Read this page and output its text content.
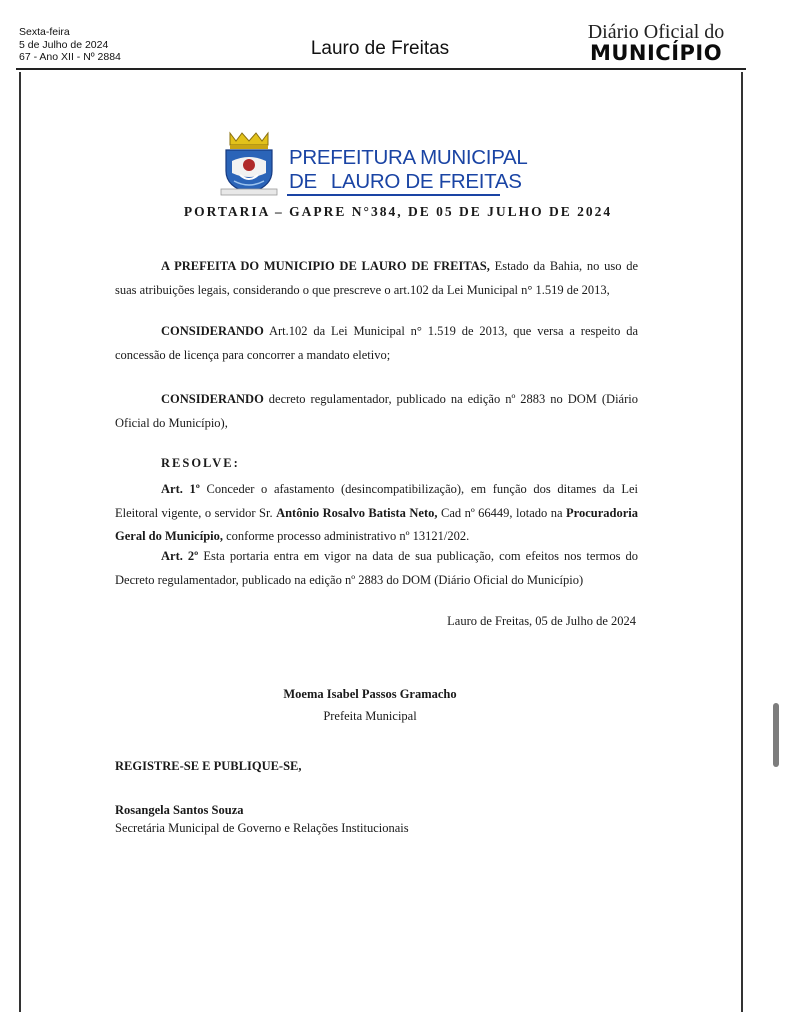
Sexta-feira
5 de Julho de 2024
67 - Ano XII - Nº 2884	Lauro de Freitas
Diário Oficial do
MUNICÍPIO
PREFEITURA MUNICIPAL
DE LAURO DE FREITAS
PORTARIA – GAPRE N°384, DE 05 DE JULHO DE 2024
A PREFEITA DO MUNICIPIO DE LAURO DE FREITAS, Estado da Bahia, no uso de suas atribuições legais, considerando o que prescreve o art.102 da Lei Municipal n° 1.519 de 2013,
CONSIDERANDO Art.102 da Lei Municipal n° 1.519 de 2013, que versa a respeito da concessão de licença para concorrer a mandato eletivo;
CONSIDERANDO decreto regulamentador, publicado na edição nº 2883 no DOM (Diário Oficial do Município),
RESOLVE:
Art. 1º Conceder o afastamento (desincompatibilização), em função dos ditames da Lei Eleitoral vigente, o servidor Sr. Antônio Rosalvo Batista Neto, Cad nº 66449, lotado na Procuradoria Geral do Município, conforme processo administrativo nº 13121/202.
Art. 2º Esta portaria entra em vigor na data de sua publicação, com efeitos nos termos do Decreto regulamentador, publicado na edição nº 2883 do DOM (Diário Oficial do Município)
Lauro de Freitas, 05 de Julho de 2024
Moema Isabel Passos Gramacho
Prefeita Municipal
REGISTRE-SE E PUBLIQUE-SE,
Rosangela Santos Souza
Secretária Municipal de Governo e Relações Institucionais
